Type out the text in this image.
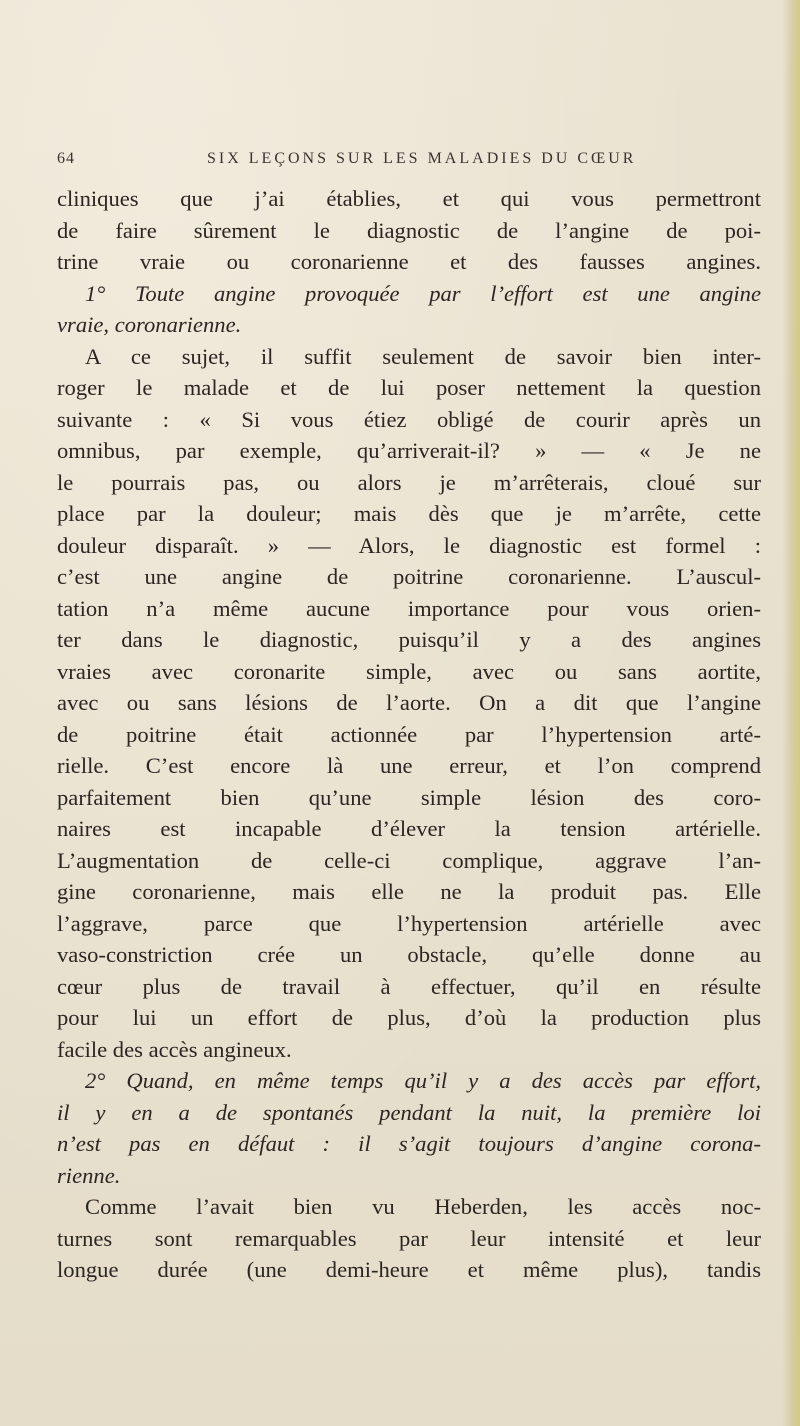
64	SIX LEÇONS SUR LES MALADIES DU CŒUR
cliniques que j’ai établies, et qui vous permettront
de faire sûrement le diagnostic de l’angine de poi-
trine vraie ou coronarienne et des fausses angines.
1° Toute angine provoquée par l’effort est une angine
vraie, coronarienne.
A ce sujet, il suffit seulement de savoir bien inter-
roger le malade et de lui poser nettement la question
suivante : « Si vous étiez obligé de courir après un
omnibus, par exemple, qu’arriverait-il? » — « Je ne
le pourrais pas, ou alors je m’arrêterais, cloué sur
place par la douleur; mais dès que je m’arrête, cette
douleur disparaît. » — Alors, le diagnostic est formel :
c’est une angine de poitrine coronarienne. L’auscul-
tation n’a même aucune importance pour vous orien-
ter dans le diagnostic, puisqu’il y a des angines
vraies avec coronarite simple, avec ou sans aortite,
avec ou sans lésions de l’aorte. On a dit que l’angine
de poitrine était actionnée par l’hypertension arté-
rielle. C’est encore là une erreur, et l’on comprend
parfaitement bien qu’une simple lésion des coro-
naires est incapable d’élever la tension artérielle.
L’augmentation de celle-ci complique, aggrave l’an-
gine coronarienne, mais elle ne la produit pas. Elle
l’aggrave, parce que l’hypertension artérielle avec
vaso-constriction crée un obstacle, qu’elle donne au
cœur plus de travail à effectuer, qu’il en résulte
pour lui un effort de plus, d’où la production plus
facile des accès angineux.
2° Quand, en même temps qu’il y a des accès par effort,
il y en a de spontanés pendant la nuit, la première loi
n’est pas en défaut : il s’agit toujours d’angine corona-
rienne.
Comme l’avait bien vu Heberden, les accès noc-
turnes sont remarquables par leur intensité et leur
longue durée (une demi-heure et même plus), tandis
